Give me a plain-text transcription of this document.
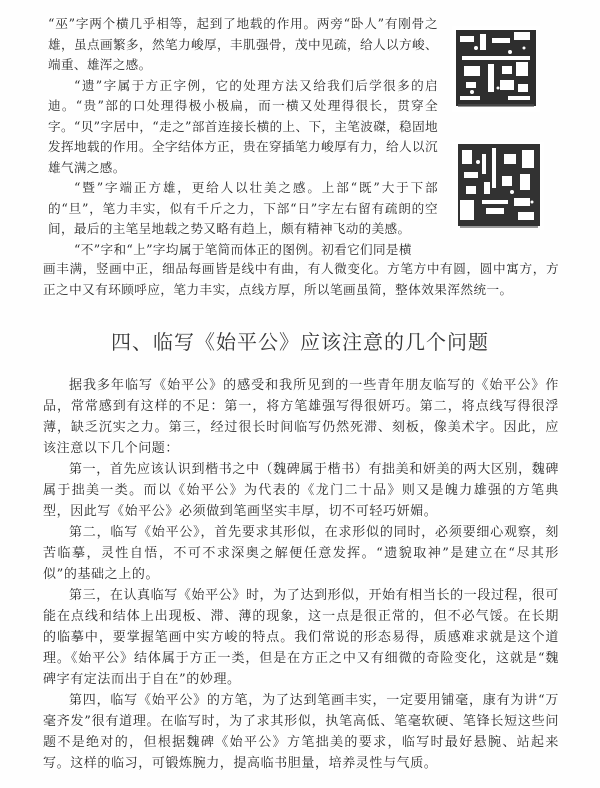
“巫”字两个横几乎相等，起到了地载的作用。两旁“卧人”有刚骨之雄，虽点画繁多，然笔力峻厚，丰肌强骨，茂中见疏，给人以方峻、端重、雄浑之感。

“遗”字属于方正字例，它的处理方法又给我们后学很多的启迪。“贵”部的口处理得极小极扁，而一横又处理得很长，贯穿全字。“贝”字居中，“走之”部首连接长横的上、下，主笔波磔，稳固地发挥地载的作用。全字结体方正，贵在穿插笔力峻厚有力，给人以沉雄气满之感。

“暨”字端正方雄，更给人以壮美之感。上部“既”大于下部的“旦”，笔力丰实，似有千斤之力，下部“日”字左右留有疏朗的空间，最后的主笔呈地载之势又略有趋上，颇有精神飞动的美感。

“不”字和“上”字均属于笔简而体正的图例。初看它们同是横

画丰满，竖画中正，细品每画皆是线中有曲，有人微变化。方笔方中有圆，圆中寓方，方正之中又有环顾呼应，笔力丰实，点线方厚，所以笔画虽简，整体效果浑然统一。

四、临写《始平公》应该注意的几个问题

据我多年临写《始平公》的感受和我所见到的一些青年朋友临写的《始平公》作品，常常感到有这样的不足：第一，将方笔雄强写得很妍巧。第二，将点线写得很浮薄，缺乏沉实之力。第三，经过很长时间临写仍然死滞、刻板，像美术字。因此，应该注意以下几个问题：

第一，首先应该认识到楷书之中（魏碑属于楷书）有拙美和妍美的两大区别，魏碑属于拙美一类。而以《始平公》为代表的《龙门二十品》则又是魄力雄强的方笔典型，因此写《始平公》必须做到笔画坚实丰厚，切不可轻巧妍媚。

第二，临写《始平公》，首先要求其形似，在求形似的同时，必须要细心观察，刻苦临摹，灵性自悟，不可不求深奥之解便任意发挥。“遗貌取神”是建立在“尽其形似”的基础之上的。

第三，在认真临写《始平公》时，为了达到形似，开始有相当长的一段过程，很可能在点线和结体上出现板、滞、薄的现象，这一点是很正常的，但不必气馁。在长期的临摹中，要掌握笔画中实方峻的特点。我们常说的形态易得，质感难求就是这个道理。《始平公》结体属于方正一类，但是在方正之中又有细微的奇险变化，这就是“魏碑字有定法而出于自在”的妙理。

第四，临写《始平公》的方笔，为了达到笔画丰实，一定要用铺毫，康有为讲“万毫齐发”很有道理。在临写时，为了求其形似，执笔高低、笔毫软硬、笔锋长短这些问题不是绝对的，但根据魏碑《始平公》方笔拙美的要求，临写时最好悬腕、站起来写。这样的临习，可锻炼腕力，提高临书胆量，培养灵性与气质。
